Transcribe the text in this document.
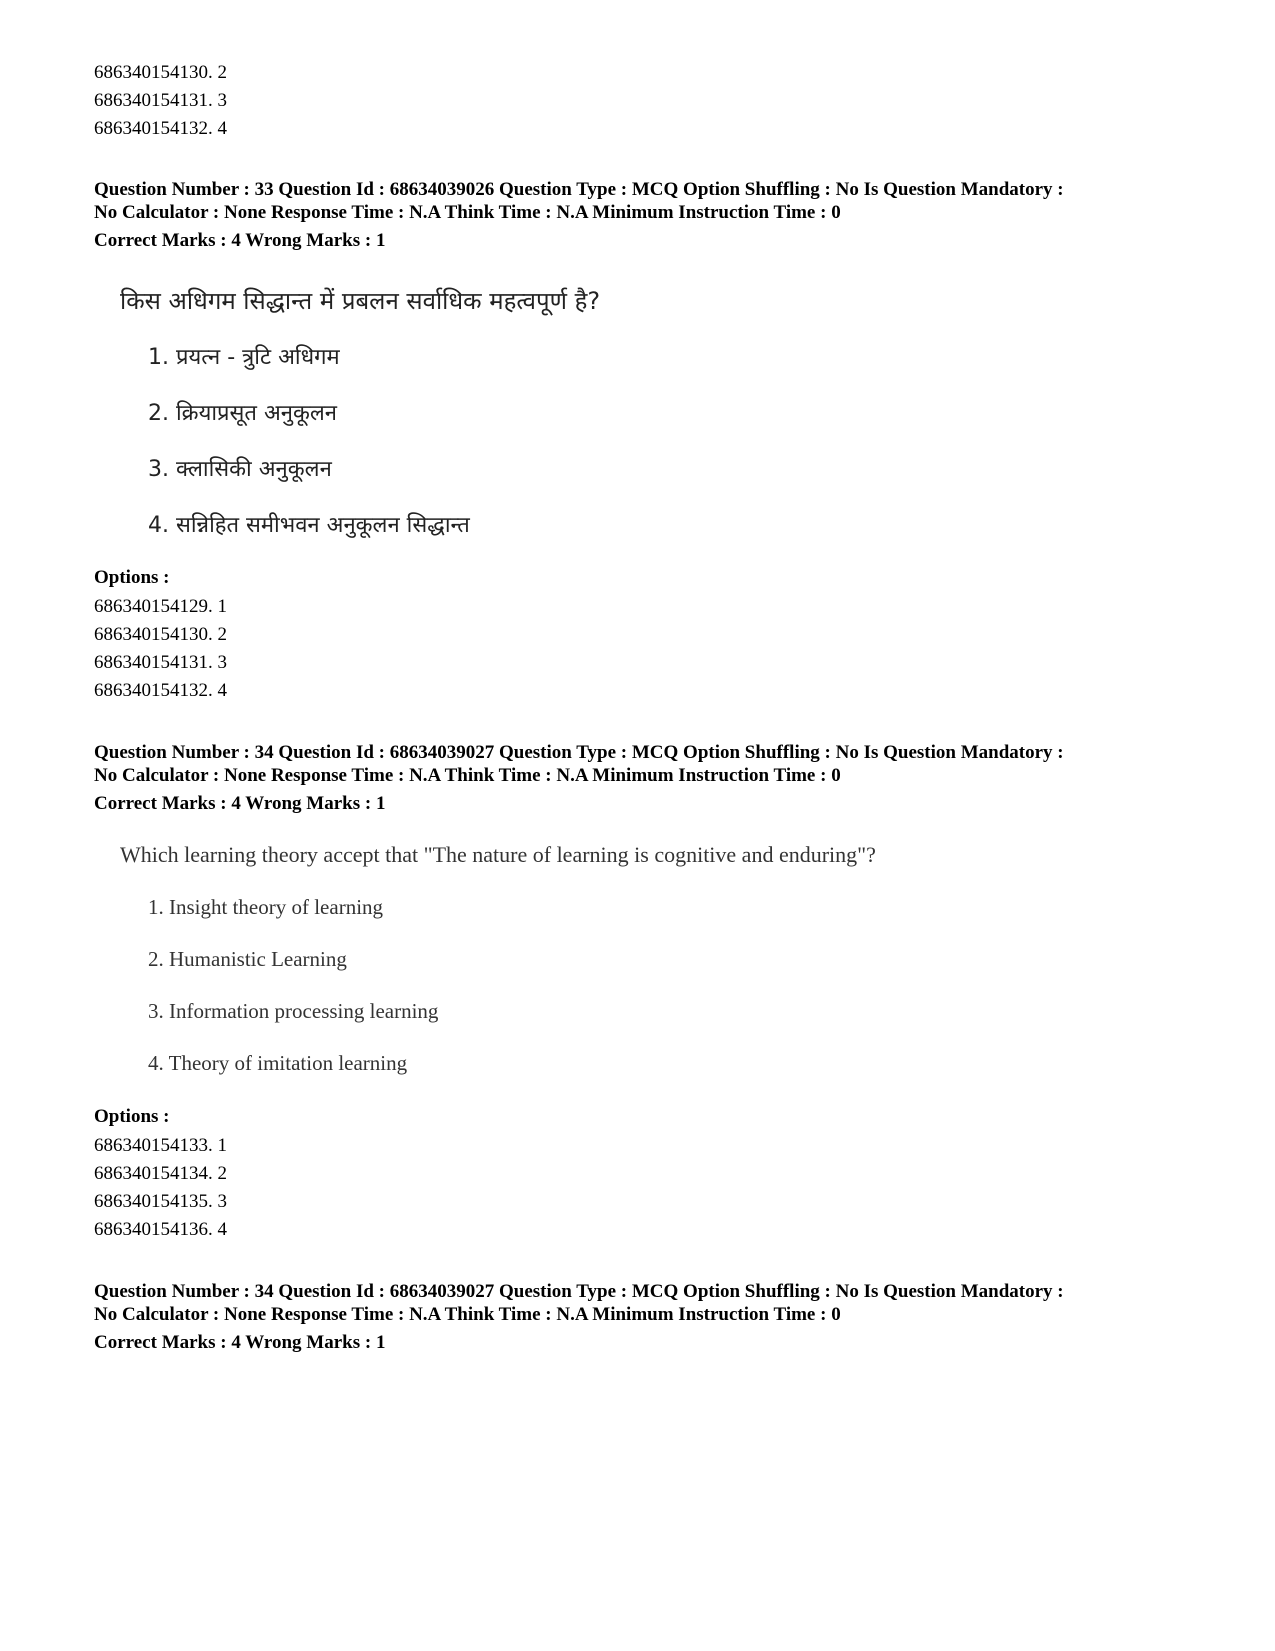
686340154130. 2
686340154131. 3
686340154132. 4
Question Number : 33 Question Id : 68634039026 Question Type : MCQ Option Shuffling : No Is Question Mandatory :
No Calculator : None Response Time : N.A Think Time : N.A Minimum Instruction Time : 0
Correct Marks : 4 Wrong Marks : 1
किस अधिगम सिद्धान्त में प्रबलन सर्वाधिक महत्वपूर्ण है?
1. प्रयत्न - त्रुटि अधिगम
2. क्रियाप्रसूत अनुकूलन
3. क्लासिकी अनुकूलन
4. सन्निहित समीभवन अनुकूलन सिद्धान्त
Options :
686340154129. 1
686340154130. 2
686340154131. 3
686340154132. 4
Question Number : 34 Question Id : 68634039027 Question Type : MCQ Option Shuffling : No Is Question Mandatory :
No Calculator : None Response Time : N.A Think Time : N.A Minimum Instruction Time : 0
Correct Marks : 4 Wrong Marks : 1
Which learning theory accept that "The nature of learning is cognitive and enduring"?
1. Insight theory of learning
2. Humanistic Learning
3. Information processing learning
4. Theory of imitation learning
Options :
686340154133. 1
686340154134. 2
686340154135. 3
686340154136. 4
Question Number : 34 Question Id : 68634039027 Question Type : MCQ Option Shuffling : No Is Question Mandatory :
No Calculator : None Response Time : N.A Think Time : N.A Minimum Instruction Time : 0
Correct Marks : 4 Wrong Marks : 1
